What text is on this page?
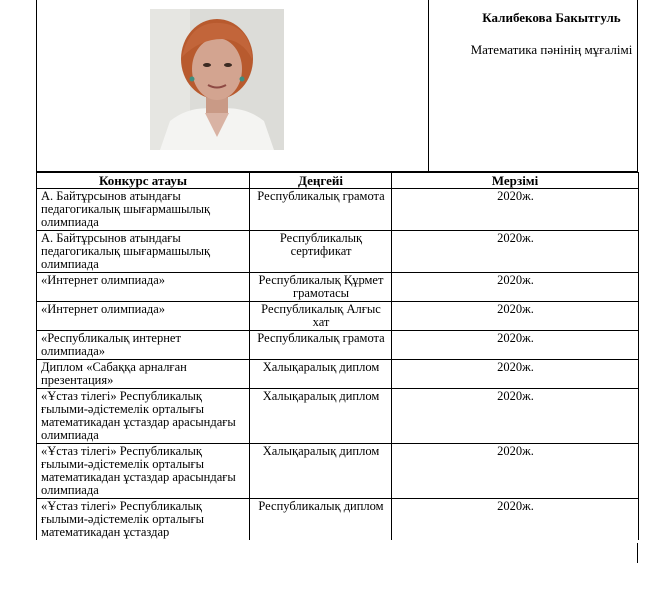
Калибекова Бакытгуль
Математика пәнінің мұғалімі
Конкурс атауы	Деңгейі	Мерзімі
А. Байтұрсынов атындағы педагогикалық шығармашылық олимпиада	Республикалық грамота	2020ж.
А. Байтұрсынов атындағы педагогикалық шығармашылық олимпиада	Республикалық сертификат	2020ж.
«Интернет олимпиада»	Республикалық Құрмет грамотасы	2020ж.
«Интернет олимпиада»	Республикалық Алғыс хат	2020ж.
«Республикалық интернет олимпиада»	Республикалық грамота	2020ж.
Диплом «Сабаққа арналған презентация»	Халықаралық диплом	2020ж.
«Ұстаз тілегі» Республикалық ғылыми-әдістемелік орталығы математикадан ұстаздар арасындағы олимпиада	Халықаралық диплом	2020ж.
«Ұстаз тілегі» Республикалық ғылыми-әдістемелік орталығы математикадан ұстаздар арасындағы олимпиада	Халықаралық диплом	2020ж.
«Ұстаз тілегі» Республикалық ғылыми-әдістемелік орталығы математикадан ұстаздар	Республикалық диплом	2020ж.
